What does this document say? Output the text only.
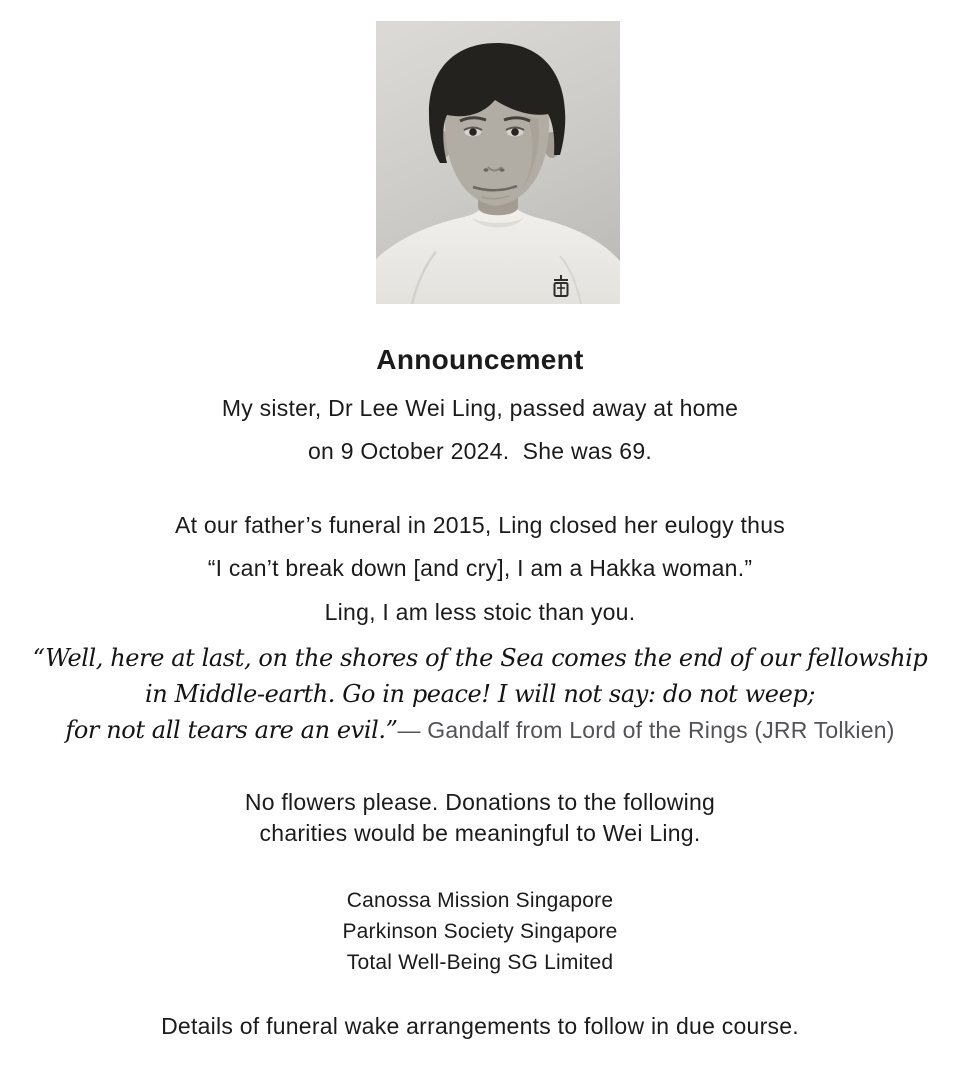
Announcement
My sister, Dr Lee Wei Ling, passed away at home
on 9 October 2024.  She was 69.
At our father’s funeral in 2015, Ling closed her eulogy thus
“I can’t break down [and cry], I am a Hakka woman.”
Ling, I am less stoic than you.
“Well, here at last, on the shores of the Sea comes the end of our fellowship
in Middle-earth. Go in peace! I will not say: do not weep;
for not all tears are an evil.”— Gandalf from Lord of the Rings (JRR Tolkien)
No flowers please. Donations to the following
charities would be meaningful to Wei Ling.
Canossa Mission Singapore
Parkinson Society Singapore
Total Well-Being SG Limited
Details of funeral wake arrangements to follow in due course.
